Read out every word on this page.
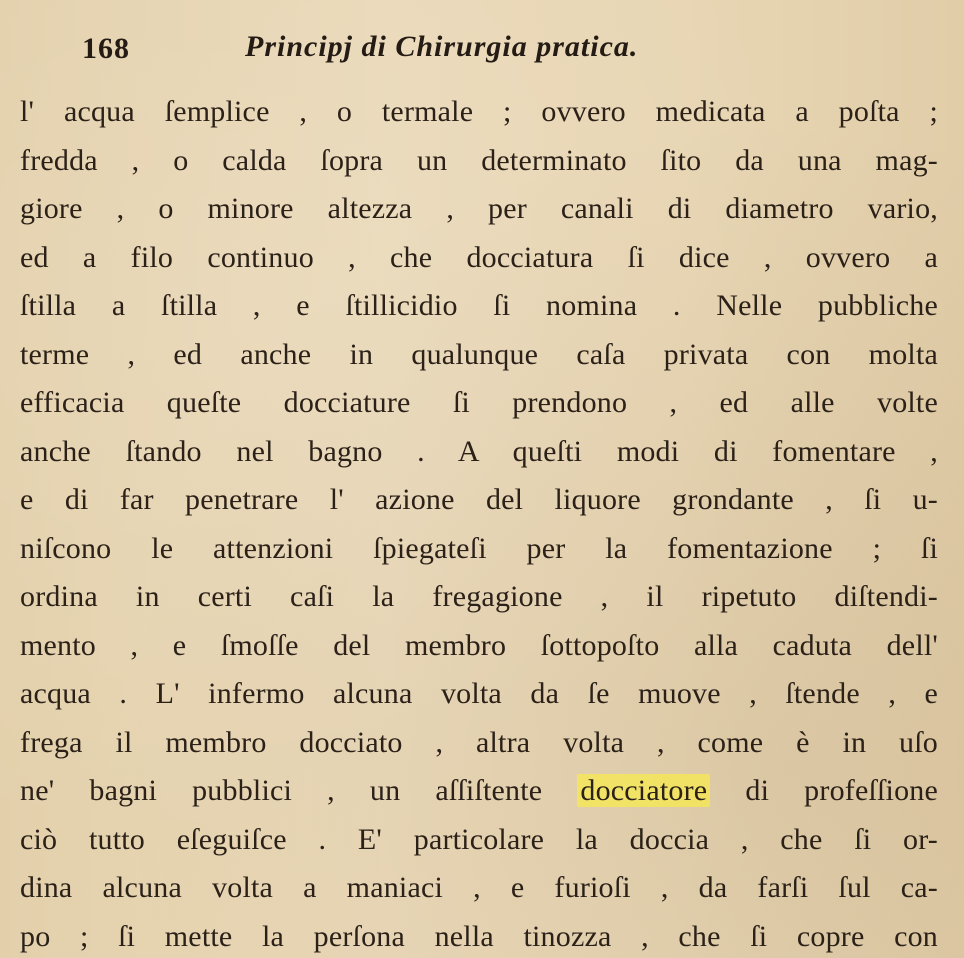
168	Principj di Chirurgia pratica.
l' acqua ſemplice , o termale ; ovvero medicata a poſta ;
fredda , o calda ſopra un determinato ſito da una mag-
giore , o minore altezza , per canali di diametro vario,
ed a filo continuo , che docciatura ſi dice , ovvero a
ſtilla a ſtilla , e ſtillicidio ſi nomina . Nelle pubbliche
terme , ed anche in qualunque caſa privata con molta
efficacia queſte docciature ſi prendono , ed alle volte
anche ſtando nel bagno . A queſti modi di fomentare ,
e di far penetrare l' azione del liquore grondante , ſi u-
niſcono le attenzioni ſpiegateſi per la fomentazione ; ſi
ordina in certi caſi la fregagione , il ripetuto diſtendi-
mento , e ſmoſſe del membro ſottopoſto alla caduta dell'
acqua . L' infermo alcuna volta da ſe muove , ſtende , e
frega il membro docciato , altra volta , come è in uſo
ne' bagni pubblici , un aſſiſtente docciatore di profeſſione
ciò tutto eſeguiſce . E' particolare la doccia , che ſi or-
dina alcuna volta a maniaci , e furioſi , da farſi ſul ca-
po ; ſi mette la perſona nella tinozza , che ſi copre con
